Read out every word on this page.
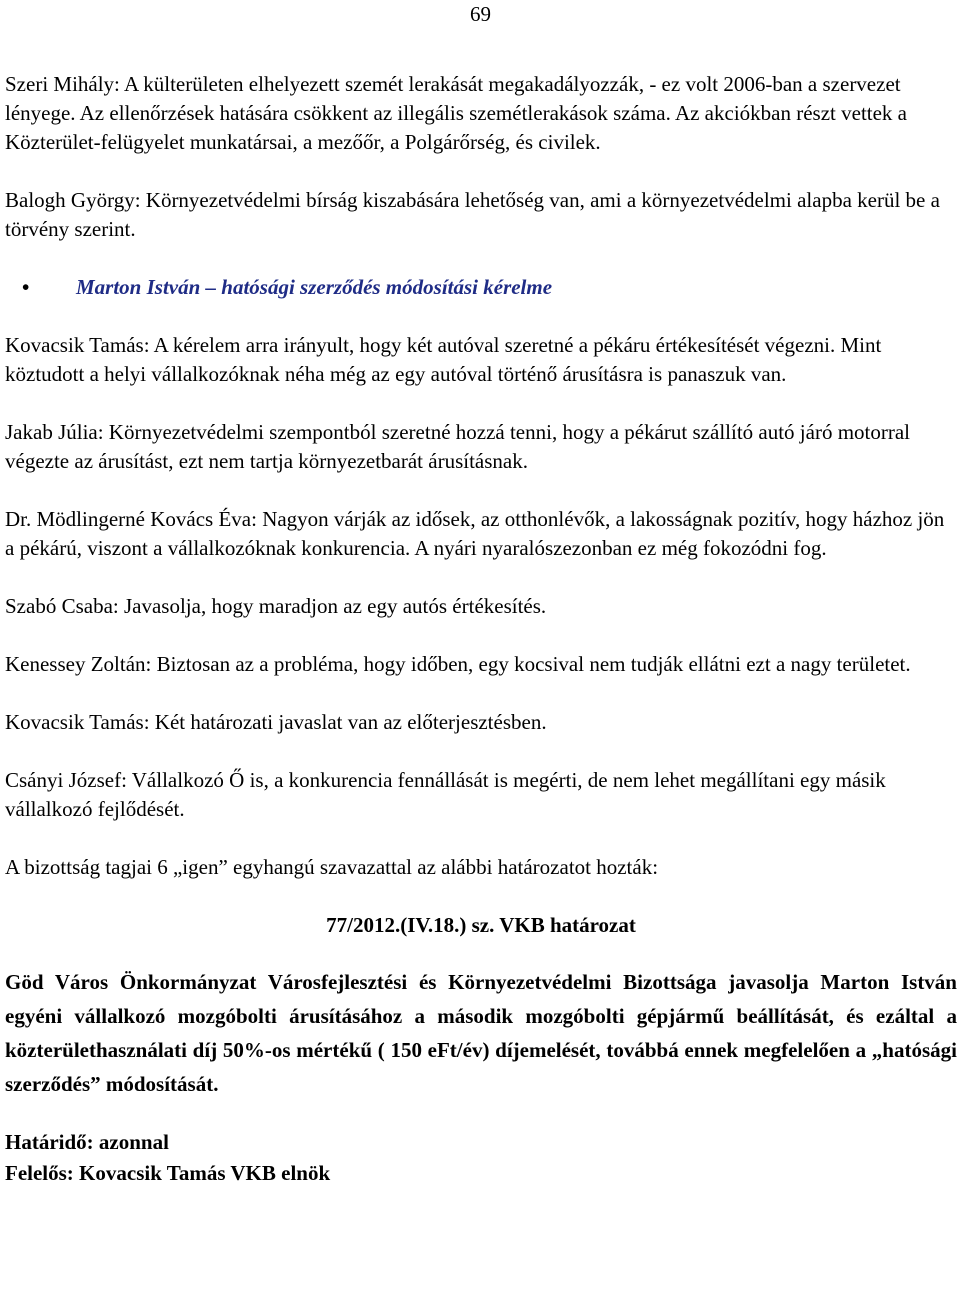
69

Szeri Mihály: A külterületen elhelyezett szemét lerakását megakadályozzák, - ez volt 2006-ban a szervezet lényege. Az ellenőrzések hatására csökkent az illegális szemétlerakások száma. Az akciókban részt vettek a Közterület-felügyelet munkatársai, a mezőőr, a Polgárőrség, és civilek.

Balogh György: Környezetvédelmi bírság kiszabására lehetőség van, ami a környezetvédelmi alapba kerül be a törvény szerint.

• Marton István – hatósági szerződés módosítási kérelme

Kovacsik Tamás: A kérelem arra irányult, hogy két autóval szeretné a pékáru értékesítését végezni. Mint köztudott a helyi vállalkozóknak néha még az egy autóval történő árusításra is panaszuk van.

Jakab Júlia: Környezetvédelmi szempontból szeretné hozzá tenni, hogy a pékárut szállító autó járó motorral végezte az árusítást, ezt nem tartja környezetbarát árusításnak.

Dr. Mödlingerné Kovács Éva: Nagyon várják az idősek, az otthonlévők, a lakosságnak pozitív, hogy házhoz jön a pékárú, viszont a vállalkozóknak konkurencia. A nyári nyaralószezonban ez még fokozódni fog.

Szabó Csaba: Javasolja, hogy maradjon az egy autós értékesítés.

Kenessey Zoltán: Biztosan az a probléma, hogy időben, egy kocsival nem tudják ellátni ezt a nagy területet.

Kovacsik Tamás: Két határozati javaslat van az előterjesztésben.

Csányi József: Vállalkozó Ő is, a konkurencia fennállását is megérti, de nem lehet megállítani egy másik vállalkozó fejlődését.

A bizottság tagjai 6 „igen” egyhangú szavazattal az alábbi határozatot hozták:

77/2012.(IV.18.) sz. VKB határozat
Göd Város Önkormányzat Városfejlesztési és Környezetvédelmi Bizottsága javasolja Marton István egyéni vállalkozó mozgóbolti árusításához a második mozgóbolti gépjármű beállítását, és ezáltal a közterülethasználati díj 50%-os mértékű ( 150 eFt/év) díjemelését, továbbá ennek megfelelően a „hatósági szerződés” módosítását.
Határidő: azonnal
Felelős: Kovacsik Tamás VKB elnök
